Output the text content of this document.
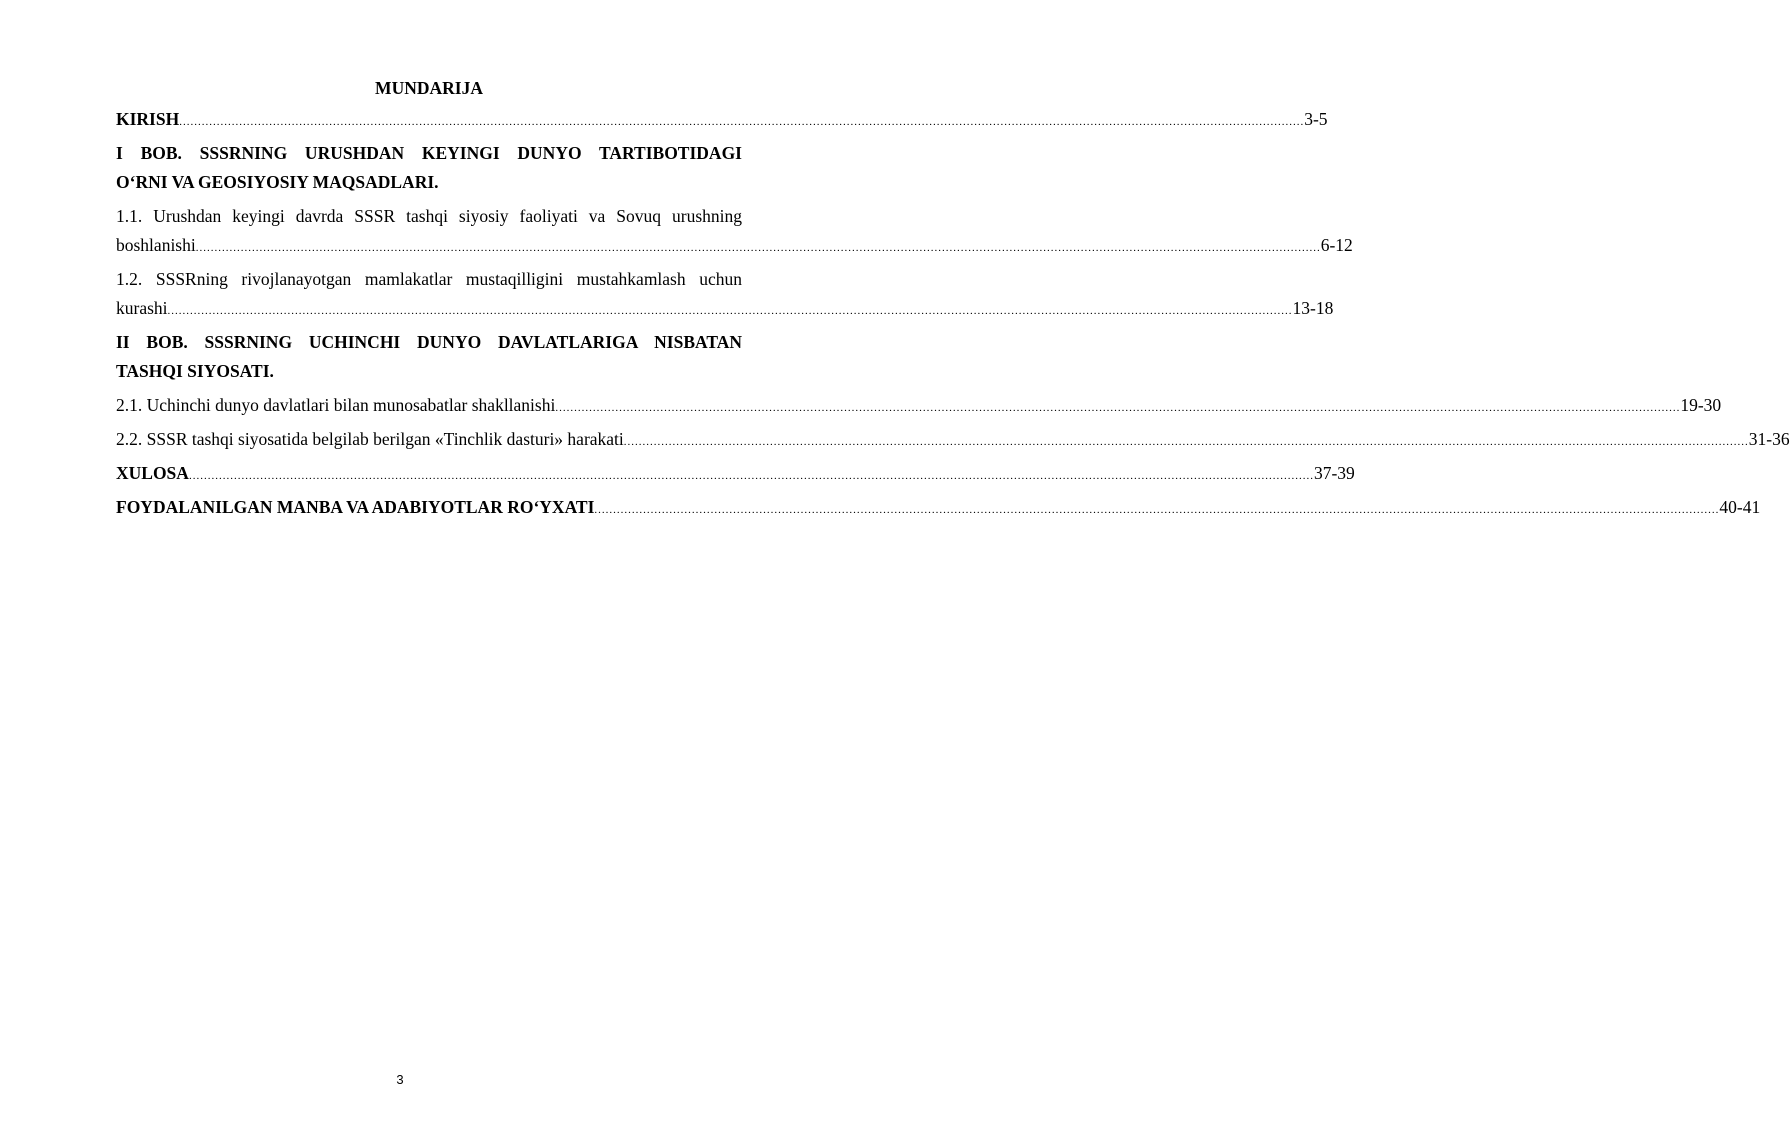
MUNDARIJA
KIRISH ............................................................................................................................................................................................................................................................................................................ 3-5
I BOB. SSSRNING URUSHDAN KEYINGI DUNYO TARTIBOTIDAGI
O‘RNI VA GEOSIYOSIY MAQSADLARI.
1.1. Urushdan keyingi davrda SSSR tashqi siyosiy faoliyati va Sovuq urushning
boshlanishi ............................................................................................................................................................................................................................................................................................................ 6-12
1.2. SSSRning rivojlanayotgan mamlakatlar mustaqilligini mustahkamlash uchun
kurashi ............................................................................................................................................................................................................................................................................................................ 13-18
II BOB. SSSRNING UCHINCHI DUNYO DAVLATLARIGA NISBATAN
TASHQI SIYOSATI.
2.1. Uchinchi dunyo davlatlari bilan munosabatlar shakllanishi ............................................................................................................................................................................................................................................................................................................ 19-30
2.2. SSSR tashqi siyosatida belgilab berilgan «Tinchlik dasturi» harakati ............................................................................................................................................................................................................................................................................................................ 31-36
XULOSA ............................................................................................................................................................................................................................................................................................................ 37-39
FOYDALANILGAN MANBA VA ADABIYOTLAR RO‘YXATI ............................................................................................................................................................................................................................................................................................................ 40-41
3
